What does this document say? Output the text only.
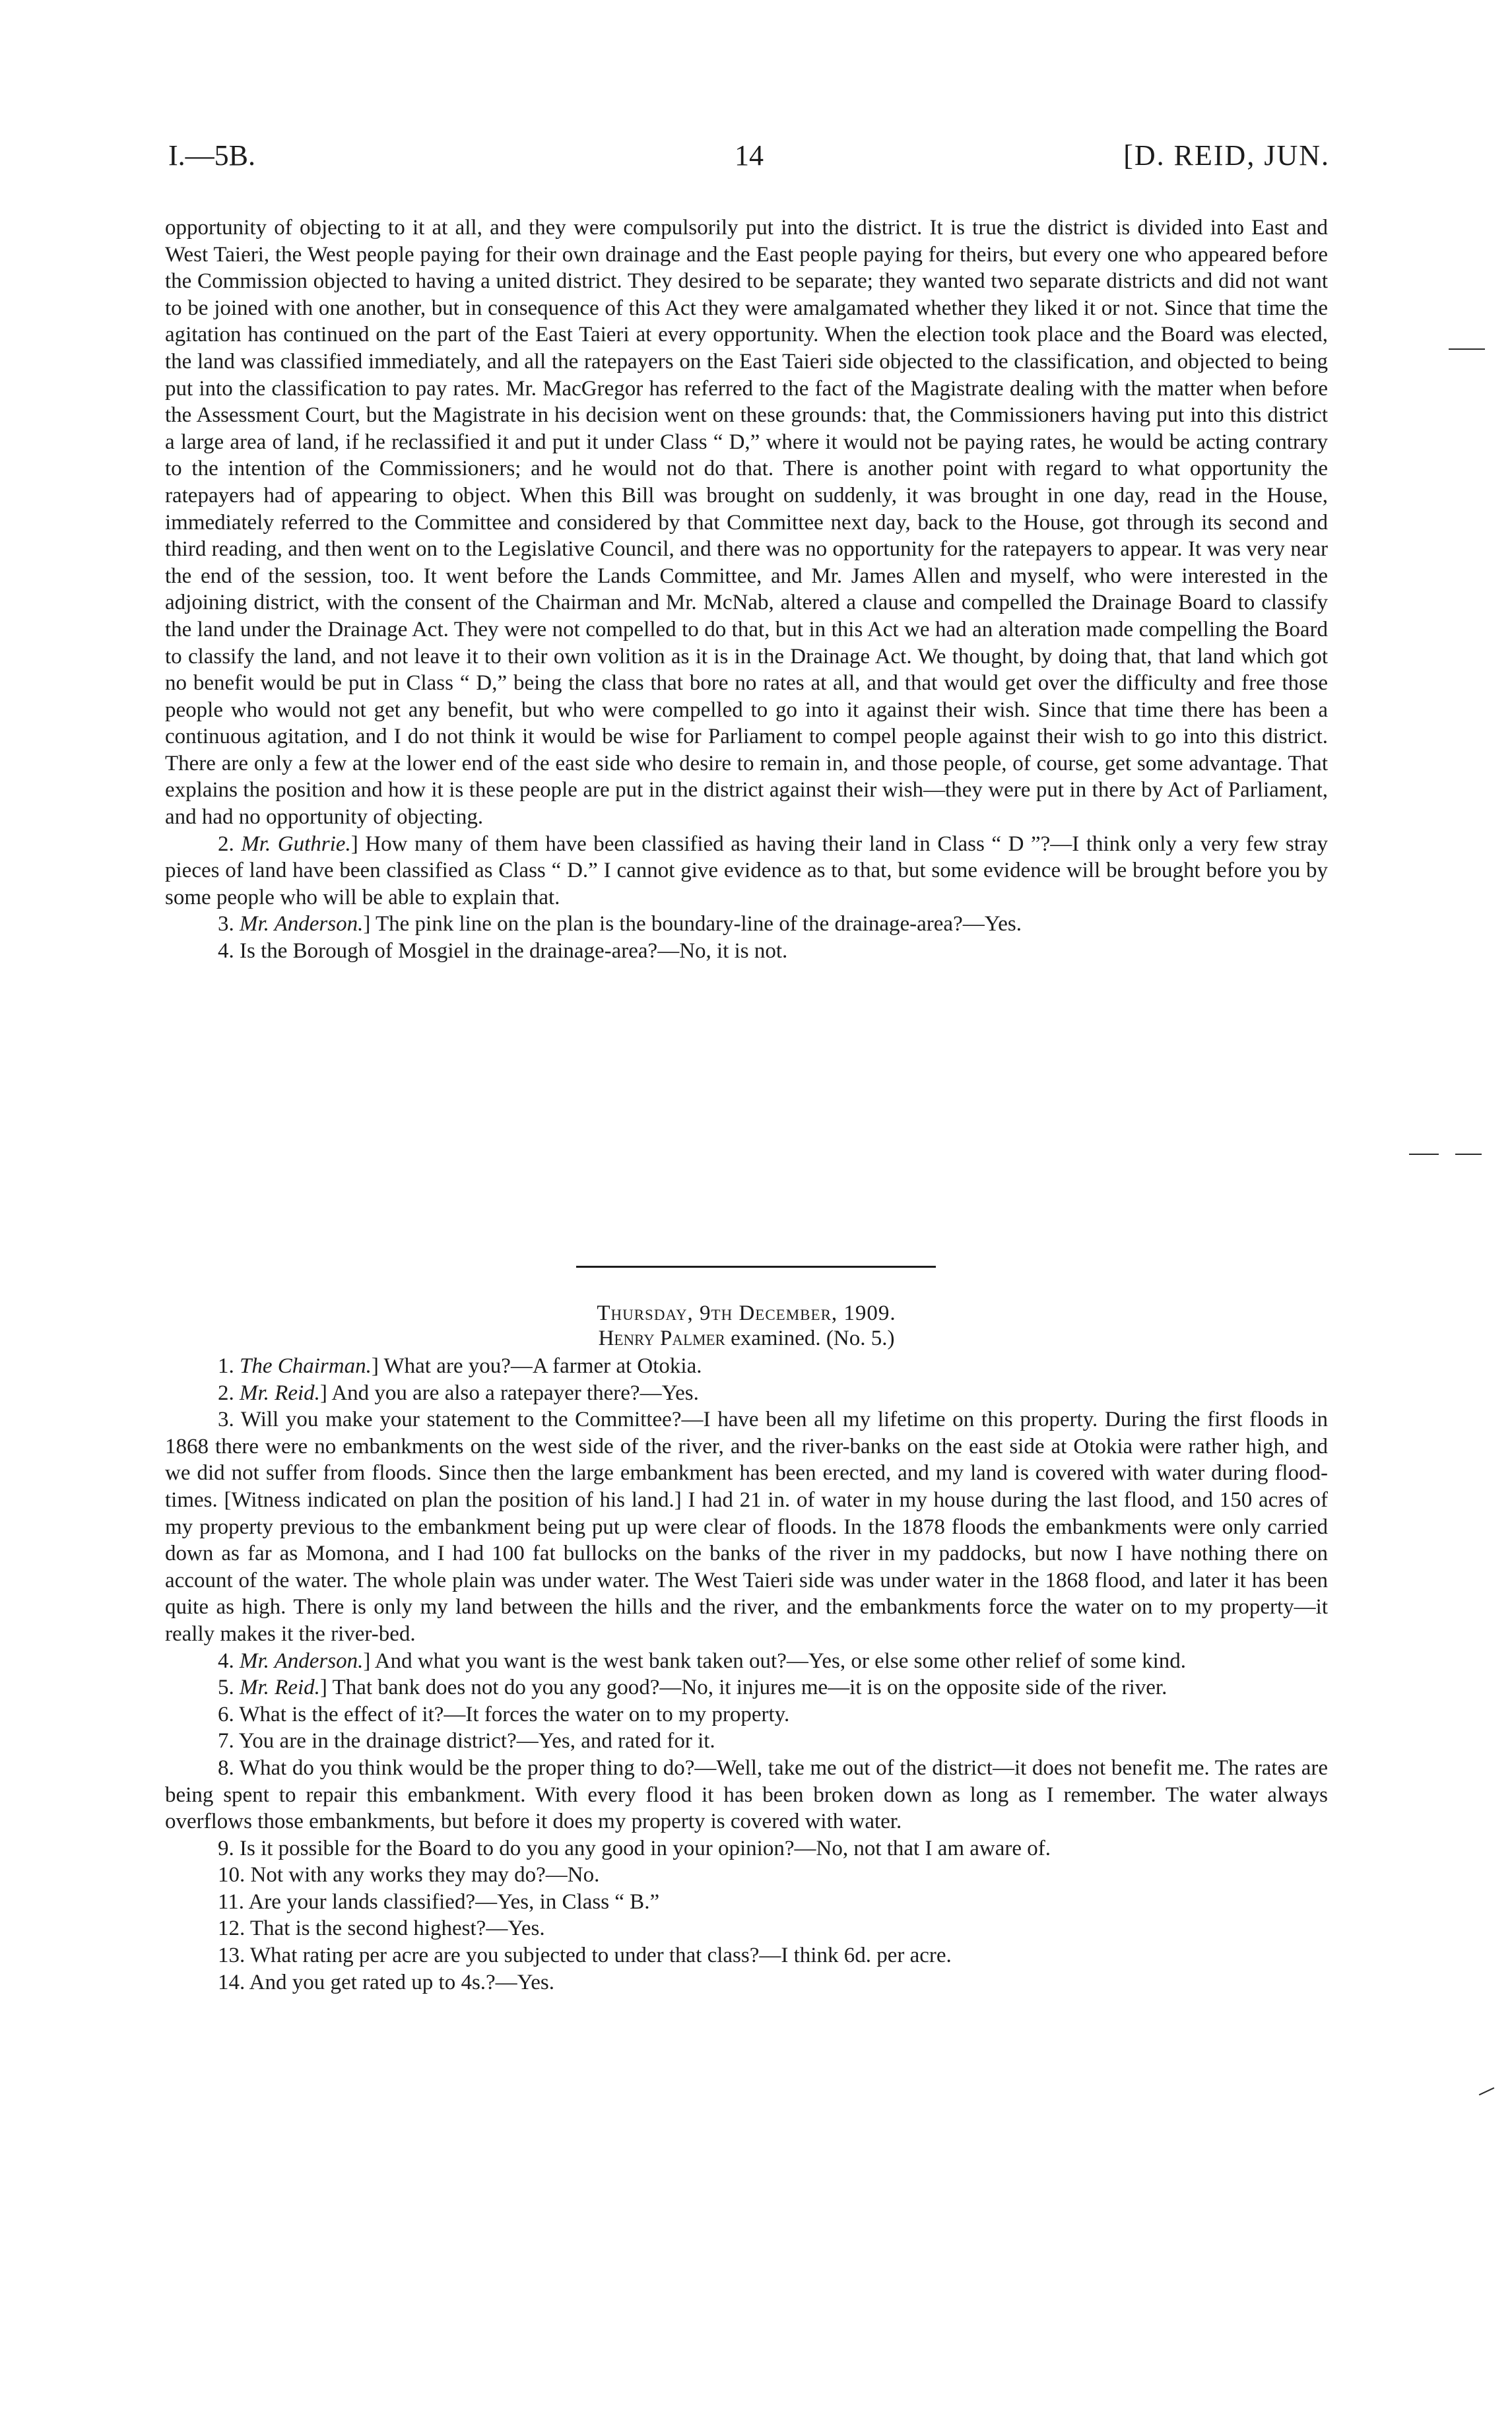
I.—5B.	14	[D. REID, JUN.

opportunity of objecting to it at all, and they were compulsorily put into the district. It is true the district is divided into East and West Taieri, the West people paying for their own drainage and the East people paying for theirs, but every one who appeared before the Commission objected to having a united district. They desired to be separate; they wanted two separate districts and did not want to be joined with one another, but in consequence of this Act they were amalgamated whether they liked it or not. Since that time the agitation has continued on the part of the East Taieri at every opportunity. When the election took place and the Board was elected, the land was classified immediately, and all the ratepayers on the East Taieri side objected to the classification, and objected to being put into the classification to pay rates. Mr. MacGregor has referred to the fact of the Magistrate dealing with the matter when before the Assessment Court, but the Magistrate in his decision went on these grounds: that, the Commissioners having put into this district a large area of land, if he reclassified it and put it under Class “ D,” where it would not be paying rates, he would be acting contrary to the intention of the Commissioners; and he would not do that. There is another point with regard to what opportunity the ratepayers had of appearing to object. When this Bill was brought on suddenly, it was brought in one day, read in the House, immediately referred to the Committee and considered by that Committee next day, back to the House, got through its second and third reading, and then went on to the Legislative Council, and there was no opportunity for the ratepayers to appear. It was very near the end of the session, too. It went before the Lands Committee, and Mr. James Allen and myself, who were interested in the adjoining district, with the consent of the Chairman and Mr. McNab, altered a clause and compelled the Drainage Board to classify the land under the Drainage Act. They were not compelled to do that, but in this Act we had an alteration made compelling the Board to classify the land, and not leave it to their own volition as it is in the Drainage Act. We thought, by doing that, that land which got no benefit would be put in Class “ D,” being the class that bore no rates at all, and that would get over the difficulty and free those people who would not get any benefit, but who were compelled to go into it against their wish. Since that time there has been a continuous agitation, and I do not think it would be wise for Parliament to compel people against their wish to go into this district. There are only a few at the lower end of the east side who desire to remain in, and those people, of course, get some advantage. That explains the position and how it is these people are put in the district against their wish—they were put in there by Act of Parliament, and had no opportunity of objecting.

2. Mr. Guthrie.] How many of them have been classified as having their land in Class “ D ”?—I think only a very few stray pieces of land have been classified as Class “ D.” I cannot give evidence as to that, but some evidence will be brought before you by some people who will be able to explain that.

3. Mr. Anderson.] The pink line on the plan is the boundary-line of the drainage-area?—Yes.

4. Is the Borough of Mosgiel in the drainage-area?—No, it is not.

Thursday, 9th December, 1909.
Henry Palmer examined. (No. 5.)

1. The Chairman.] What are you?—A farmer at Otokia.

2. Mr. Reid.] And you are also a ratepayer there?—Yes.

3. Will you make your statement to the Committee?—I have been all my lifetime on this property. During the first floods in 1868 there were no embankments on the west side of the river, and the river-banks on the east side at Otokia were rather high, and we did not suffer from floods. Since then the large embankment has been erected, and my land is covered with water during flood-times. [Witness indicated on plan the position of his land.] I had 21 in. of water in my house during the last flood, and 150 acres of my property previous to the embankment being put up were clear of floods. In the 1878 floods the embankments were only carried down as far as Momona, and I had 100 fat bullocks on the banks of the river in my paddocks, but now I have nothing there on account of the water. The whole plain was under water. The West Taieri side was under water in the 1868 flood, and later it has been quite as high. There is only my land between the hills and the river, and the embankments force the water on to my property—it really makes it the river-bed.

4. Mr. Anderson.] And what you want is the west bank taken out?—Yes, or else some other relief of some kind.

5. Mr. Reid.] That bank does not do you any good?—No, it injures me—it is on the opposite side of the river.

6. What is the effect of it?—It forces the water on to my property.

7. You are in the drainage district?—Yes, and rated for it.

8. What do you think would be the proper thing to do?—Well, take me out of the district—it does not benefit me. The rates are being spent to repair this embankment. With every flood it has been broken down as long as I remember. The water always overflows those embankments, but before it does my property is covered with water.

9. Is it possible for the Board to do you any good in your opinion?—No, not that I am aware of.

10. Not with any works they may do?—No.

11. Are your lands classified?—Yes, in Class “ B.”

12. That is the second highest?—Yes.

13. What rating per acre are you subjected to under that class?—I think 6d. per acre.

14. And you get rated up to 4s.?—Yes.
